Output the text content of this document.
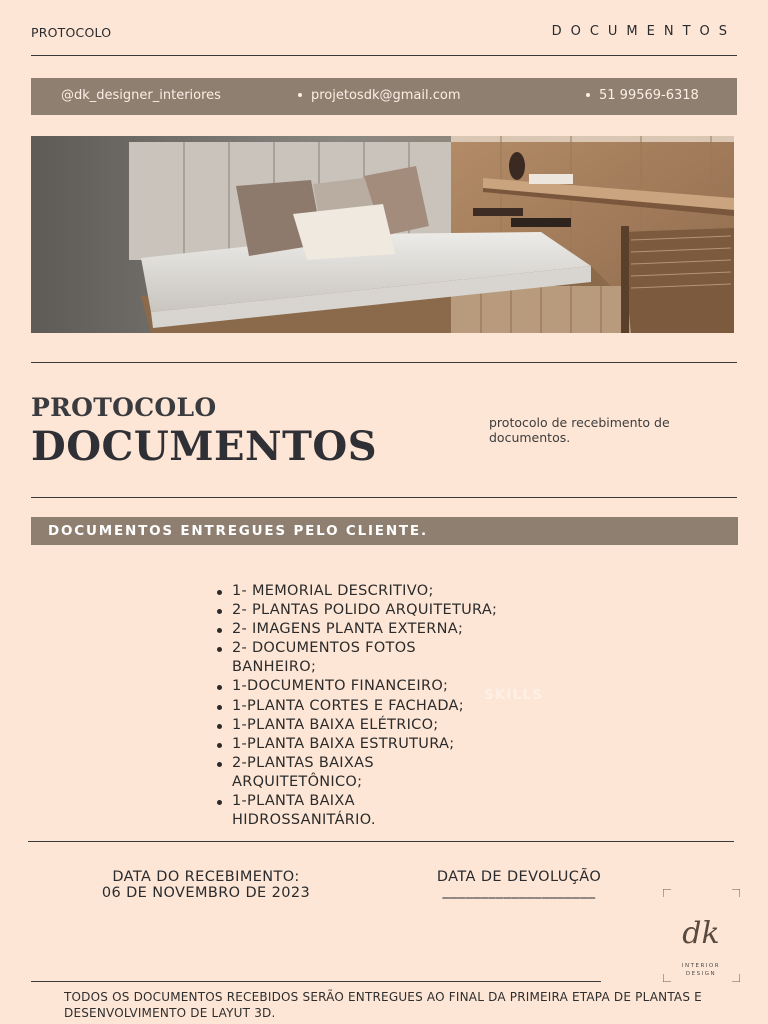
PROTOCOLO	DOCUMENTOS
@dk_designer_interiores	projetosdk@gmail.com	51 99569-6318
PROTOCOLO
DOCUMENTOS
protocolo de recebimento de documentos.
DOCUMENTOS ENTREGUES PELO CLIENTE.
1- MEMORIAL DESCRITIVO;
2- PLANTAS POLIDO ARQUITETURA;
2- IMAGENS PLANTA EXTERNA;
2- DOCUMENTOS FOTOS BANHEIRO;
1-DOCUMENTO FINANCEIRO;
1-PLANTA CORTES E FACHADA;
1-PLANTA BAIXA ELÉTRICO;
1-PLANTA BAIXA ESTRUTURA;
2-PLANTAS BAIXAS ARQUITETÔNICO;
1-PLANTA BAIXA HIDROSSANITÁRIO.
SKILLS
DATA DO RECEBIMENTO:
06 DE NOVEMBRO DE 2023
DATA DE DEVOLUÇÃO
____________________
dk
INTERIOR
DESIGN
TODOS OS DOCUMENTOS RECEBIDOS SERÃO ENTREGUES AO FINAL DA PRIMEIRA ETAPA DE PLANTAS E DESENVOLVIMENTO DE LAYUT 3D.
